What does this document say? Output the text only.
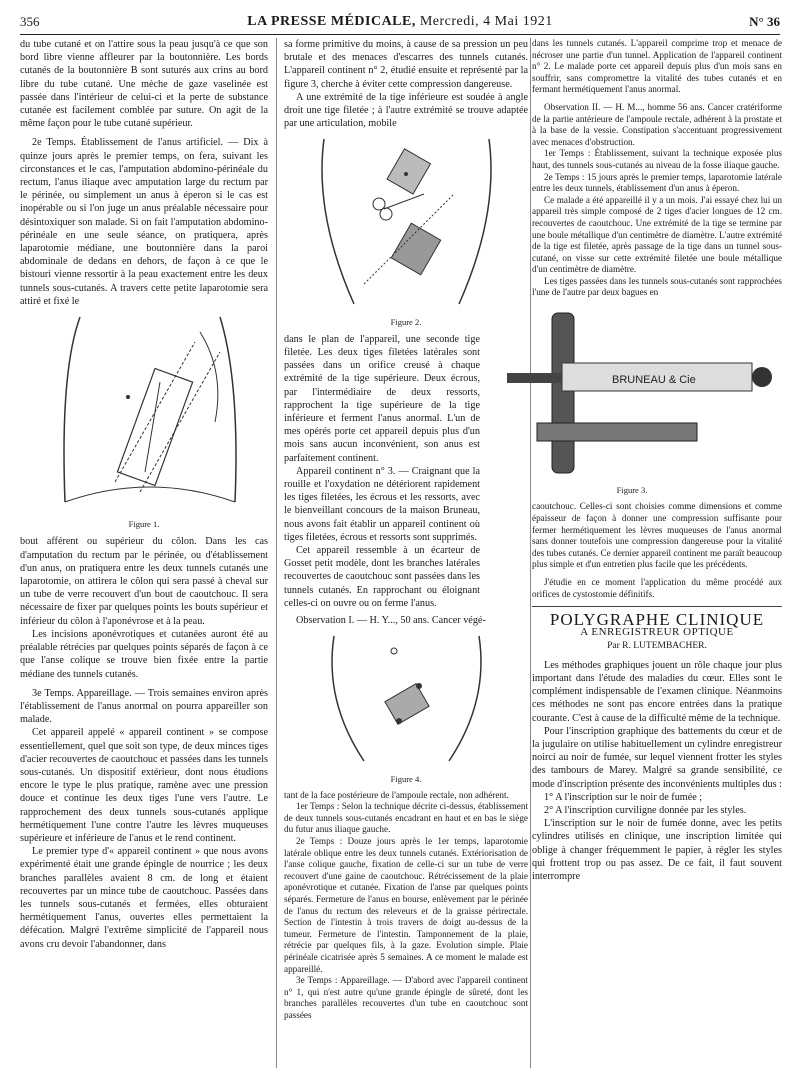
356	LA PRESSE MÉDICALE, Mercredi, 4 Mai 1921	N° 36

du tube cutané et on l'attire sous la peau jusqu'à ce que son bord libre vienne affleurer par la boutonnière. Les bords cutanés de la boutonnière B sont suturés aux crins au bord libre du tube cutané. Une mèche de gaze vaselinée est passée dans l'intérieur de celui-ci et la perte de substance cutanée est facilement comblée par suture. On agit de la même façon pour le tube cutané supérieur.

2e Temps. Établissement de l'anus artificiel. — Dix à quinze jours après le premier temps, on fera, suivant les circonstances et le cas, l'amputation abdomino-périnéale du rectum, l'anus iliaque avec amputation large du rectum par le périnée, ou simplement un anus à éperon si le cas est inopérable ou si l'on juge un anus préalable nécessaire pour désintoxiquer son malade. Si on fait l'amputation abdomino-périnéale en une seule séance, on pratiquera, après laparotomie médiane, une boutonnière dans la paroi abdominale de dedans en dehors, de façon à ce que le bistouri vienne ressortir à la peau exactement entre les deux tunnels sous-cutanés. A travers cette petite laparotomie sera attiré et fixé le

Figure 1.

bout afférent ou supérieur du côlon. Dans les cas d'amputation du rectum par le périnée, ou d'établissement d'un anus, on pratiquera entre les deux tunnels cutanés une laparotomie, on attirera le côlon qui sera passé à cheval sur un tube de verre recouvert d'un bout de caoutchouc. Il sera nécessaire de fixer par quelques points les bouts supérieur et inférieur du côlon à l'aponévrose et à la peau.

Les incisions aponévrotiques et cutanées auront été au préalable rétrécies par quelques points séparés de façon à ce que l'anse colique se trouve bien fixée entre la partie médiane des tunnels cutanés.

3e Temps. Appareillage. — Trois semaines environ après l'établissement de l'anus anormal on pourra appareiller son malade.

Cet appareil appelé « appareil continent » se compose essentiellement, quel que soit son type, de deux minces tiges d'acier recouvertes de caoutchouc et passées dans les tunnels sous-cutanés. Un dispositif extérieur, dont nous étudions encore le type le plus pratique, ramène avec une pression douce et continue les deux tiges l'une vers l'autre. Le rapprochement des deux tunnels sous-cutanés applique hermétiquement l'une contre l'autre les lèvres muqueuses supérieure et inférieure de l'anus et le rend continent.

Le premier type d'« appareil continent » que nous avons expérimenté était une grande épingle de nourrice ; les deux branches parallèles avaient 8 cm. de long et étaient recouvertes par un mince tube de caoutchouc. Passées dans les tunnels sous-cutanés et fermées, elles obturaient hermétiquement l'anus, ouvertes elles permettaient la défécation. Malgré l'extrême simplicité de l'appareil nous avons cru devoir l'abandonner, dans

sa forme primitive du moins, à cause de sa pression un peu brutale et des menaces d'escarres des tunnels cutanés. L'appareil continent n° 2, étudié ensuite et représenté par la figure 3, cherche à éviter cette compression dangereuse.

A une extrémité de la tige inférieure est soudée à angle droit une tige filetée ; à l'autre extrémité se trouve adaptée par une articulation, mobile

Figure 2.

dans le plan de l'appareil, une seconde tige filetée. Les deux tiges filetées latérales sont passées dans un orifice creusé à chaque extrémité de la tige supérieure. Deux écrous, par l'intermédiaire de deux ressorts, rapprochent la tige supérieure de la tige inférieure et ferment l'anus anormal. L'un de mes opérés porte cet appareil depuis plus d'un mois sans aucun inconvénient, son anus est parfaitement continent.

Appareil continent n° 3. — Craignant que la rouille et l'oxydation ne détériorent rapidement les tiges filetées, les écrous et les ressorts, avec le bienveillant concours de la maison Bruneau, nous avons fait établir un appareil continent où tiges filetées, écrous et ressorts sont supprimés.

Cet appareil ressemble à un écarteur de Gosset petit modèle, dont les branches latérales recouvertes de caoutchouc sont passées dans les tunnels cutanés. En rapprochant ou éloignant celles-ci on ouvre ou on ferme l'anus.

Observation I. — H. Y..., 50 ans. Cancer végé-

Figure 4.

tant de la face postérieure de l'ampoule rectale, non adhérent.

1er Temps : Selon la technique décrite ci-dessus, établissement de deux tunnels sous-cutanés encadrant en haut et en bas le siège du futur anus iliaque gauche.

2e Temps : Douze jours après le 1er temps, laparotomie latérale oblique entre les deux tunnels cutanés. Extériorisation de l'anse colique gauche, fixation de celle-ci sur un tube de verre recouvert d'une gaine de caoutchouc. Rétrécissement de la plaie aponévrotique et cutanée. Fixation de l'anse par quelques points séparés. Fermeture de l'anus en bourse, enlèvement par le périnée de l'anus du rectum des releveurs et de la graisse périrectale. Section de l'intestin à trois travers de doigt au-dessus de la tumeur. Fermeture de l'intestin. Tamponnement de la plaie, rétrécie par quelques fils, à la gaze. Evolution simple. Plaie périnéale cicatrisée après 5 semaines. A ce moment le malade est appareillé.

3e Temps : Appareillage. — D'abord avec l'appareil continent n° 1, qui n'est autre qu'une grande épingle de sûreté, dont les branches parallèles recouvertes d'un tube en caoutchouc sont passées

dans les tunnels cutanés. L'appareil comprime trop et menace de nécroser une partie d'un tunnel. Application de l'appareil continent n° 2. Le malade porte cet appareil depuis plus d'un mois sans en souffrir, sans compromettre la vitalité des tubes cutanés et en fermant hermétiquement l'anus anormal.

Observation II. — H. M..., homme 56 ans. Cancer cratériforme de la partie antérieure de l'ampoule rectale, adhérent à la prostate et à la base de la vessie. Constipation s'accentuant progressivement avec menaces d'obstruction.

1er Temps : Établissement, suivant la technique exposée plus haut, des tunnels sous-cutanés au niveau de la fosse iliaque gauche.

2e Temps : 15 jours après le premier temps, laparotomie latérale entre les deux tunnels, établissement d'un anus à éperon.

Ce malade a été appareillé il y a un mois. J'ai essayé chez lui un appareil très simple composé de 2 tiges d'acier longues de 12 cm. recouvertes de caoutchouc. Une extrémité de la tige se termine par une boule métallique d'un centimètre de diamètre. L'autre extrémité de la tige est filetée, après passage de la tige dans un tunnel sous-cutané, on visse sur cette extrémité filetée une boule métallique d'un centimètre de diamètre.

Les tiges passées dans les tunnels sous-cutanés sont rapprochées l'une de l'autre par deux bagues en

BRUNEAU & Cie
Figure 3.

caoutchouc. Celles-ci sont choisies comme dimensions et comme épaisseur de façon à donner une compression suffisante pour fermer hermétiquement les lèvres muqueuses de l'anus anormal sans donner toutefois une compression dangereuse pour la vitalité des tubes cutanés. Ce dernier appareil continent me paraît beaucoup plus simple et d'un entretien plus facile que les précédents.

J'étudie en ce moment l'application du même procédé aux orifices de cystostomie définitifs.

POLYGRAPHE CLINIQUE
A ENREGISTREUR OPTIQUE
Par R. LUTEMBACHER.

Les méthodes graphiques jouent un rôle chaque jour plus important dans l'étude des maladies du cœur. Elles sont le complément indispensable de l'examen clinique. Néanmoins ces méthodes ne sont pas encore entrées dans la pratique courante. C'est à cause de la difficulté même de la technique.

Pour l'inscription graphique des battements du cœur et de la jugulaire on utilise habituellement un cylindre enregistreur noirci au noir de fumée, sur lequel viennent frotter les styles des tambours de Marey. Malgré sa grande sensibilité, ce mode d'inscription présente des inconvénients multiples dus :

1° A l'inscription sur le noir de fumée ;

2° A l'inscription curviligne donnée par les styles.

L'inscription sur le noir de fumée donne, avec les petits cylindres utilisés en clinique, une inscription limitée qui oblige à changer fréquemment le papier, à régler les styles qui frottent trop ou pas assez. De ce fait, il faut souvent interrompre
